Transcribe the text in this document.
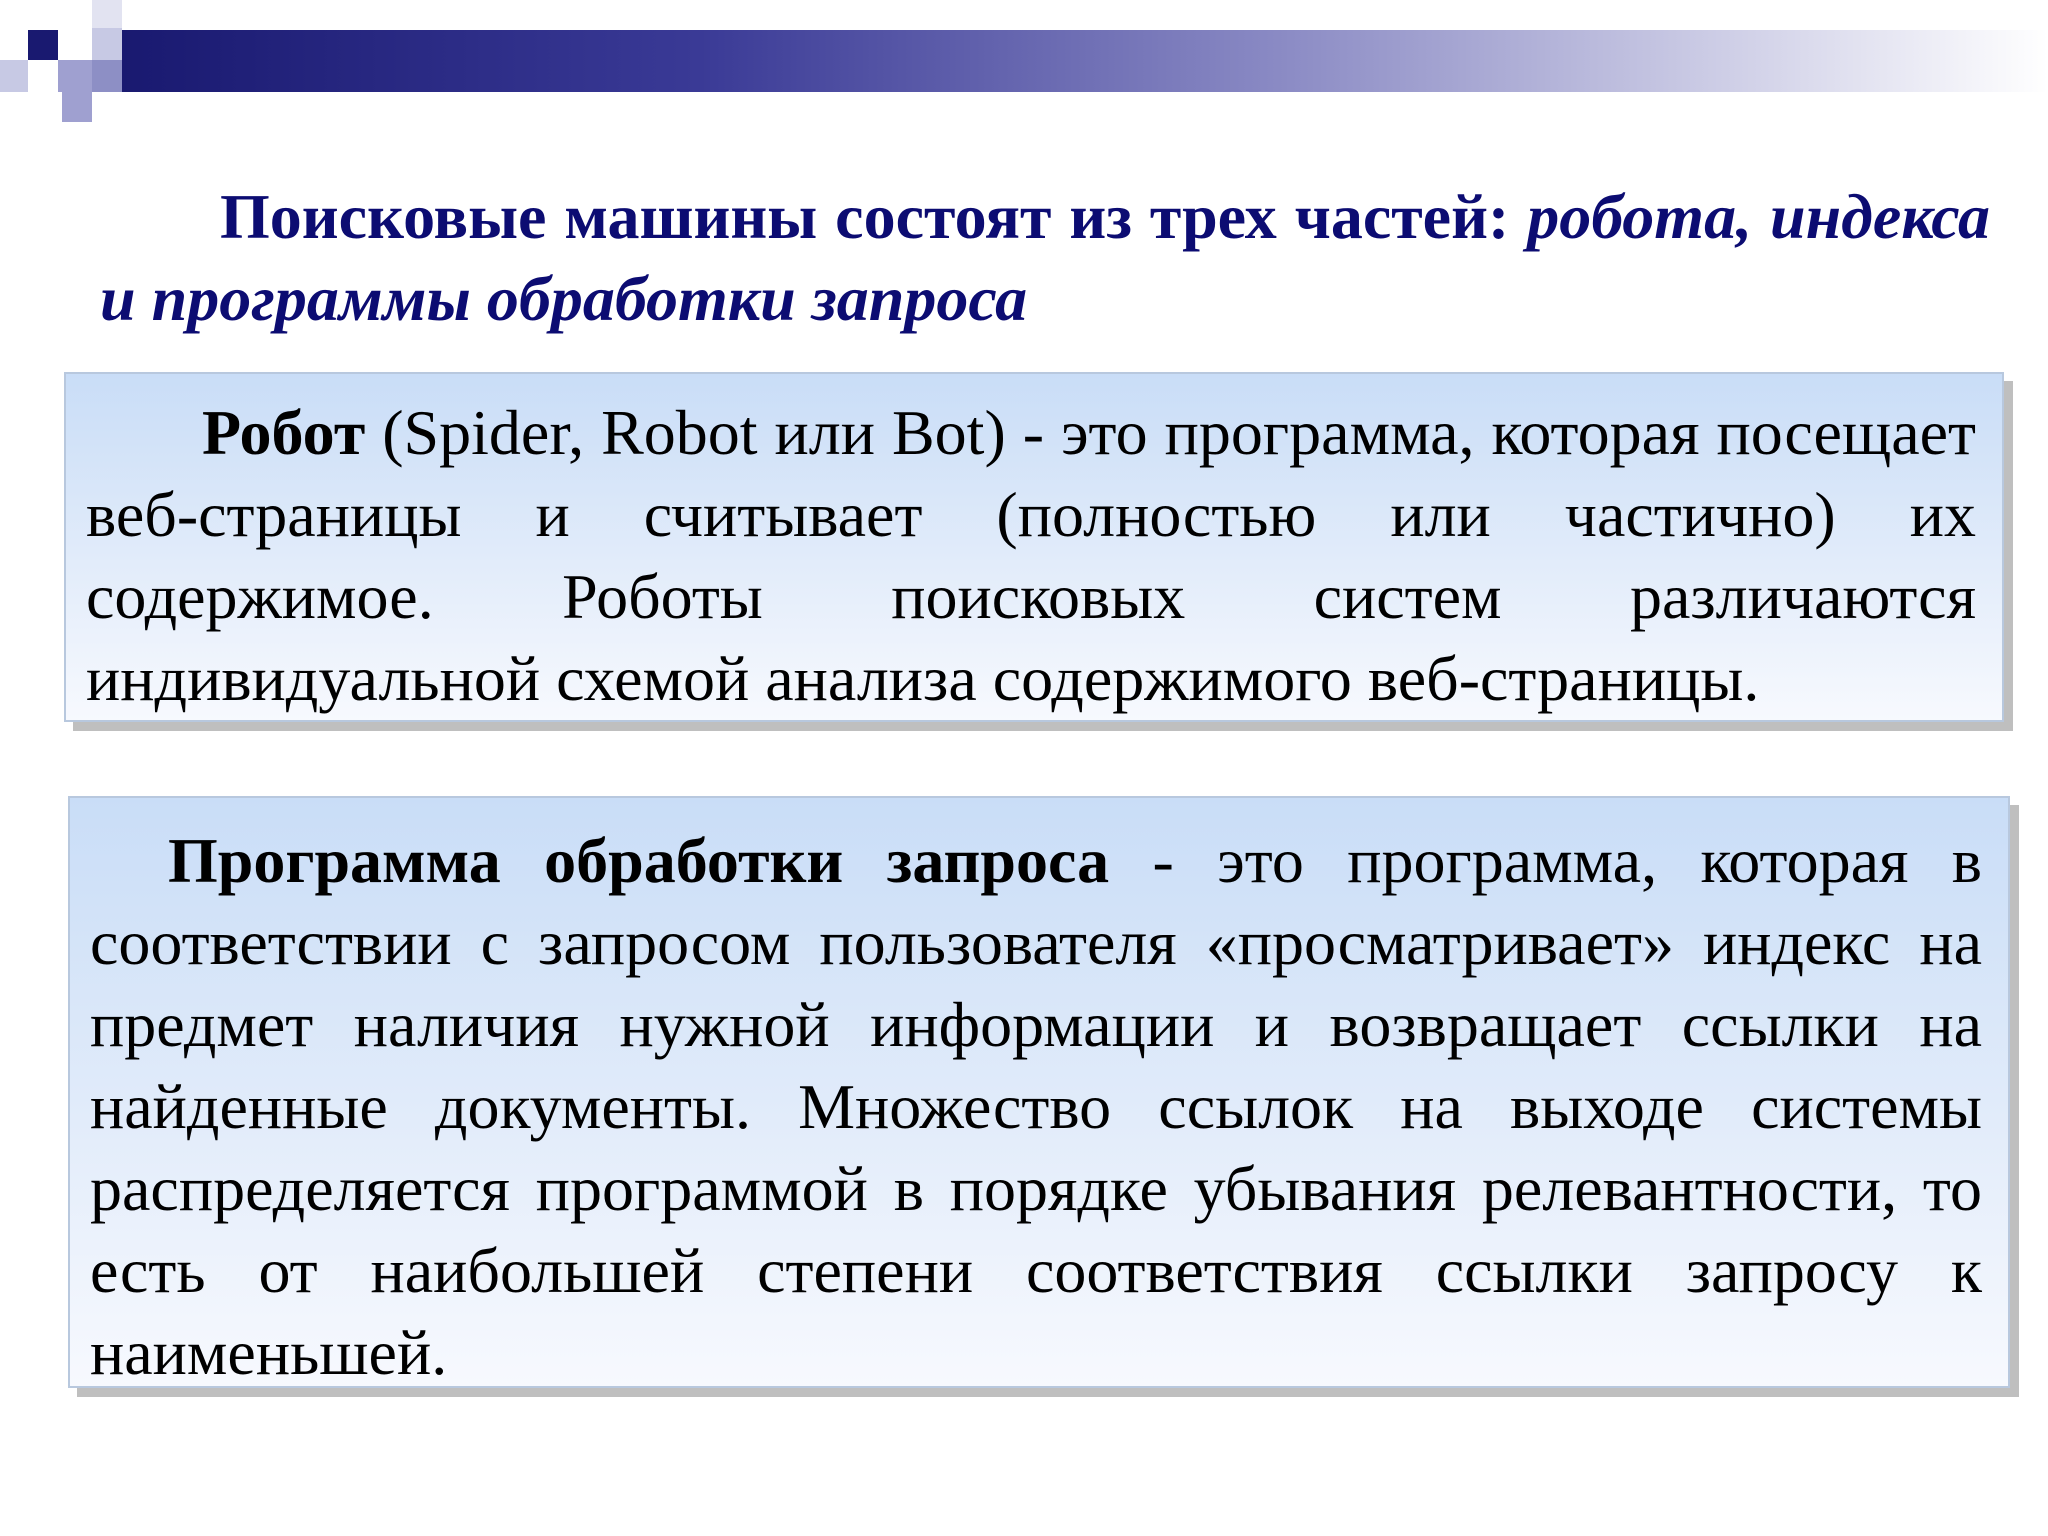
Поисковые машины состоят из трех частей: робота, индекса и программы обработки запроса

Робот (Spider, Robot или Bot) - это программа, которая посещает веб-страницы и считывает (полностью или частично) их содержимое. Роботы поисковых систем различаются индивидуальной схемой анализа содержимого веб-страницы.

Программа обработки запроса - это программа, которая в соответствии с запросом пользователя «просматривает» индекс на предмет наличия нужной информации и возвращает ссылки на найденные документы. Множество ссылок на выходе системы распределяется программой в порядке убывания релевантности, то есть от наибольшей степени соответствия ссылки запросу к наименьшей.
